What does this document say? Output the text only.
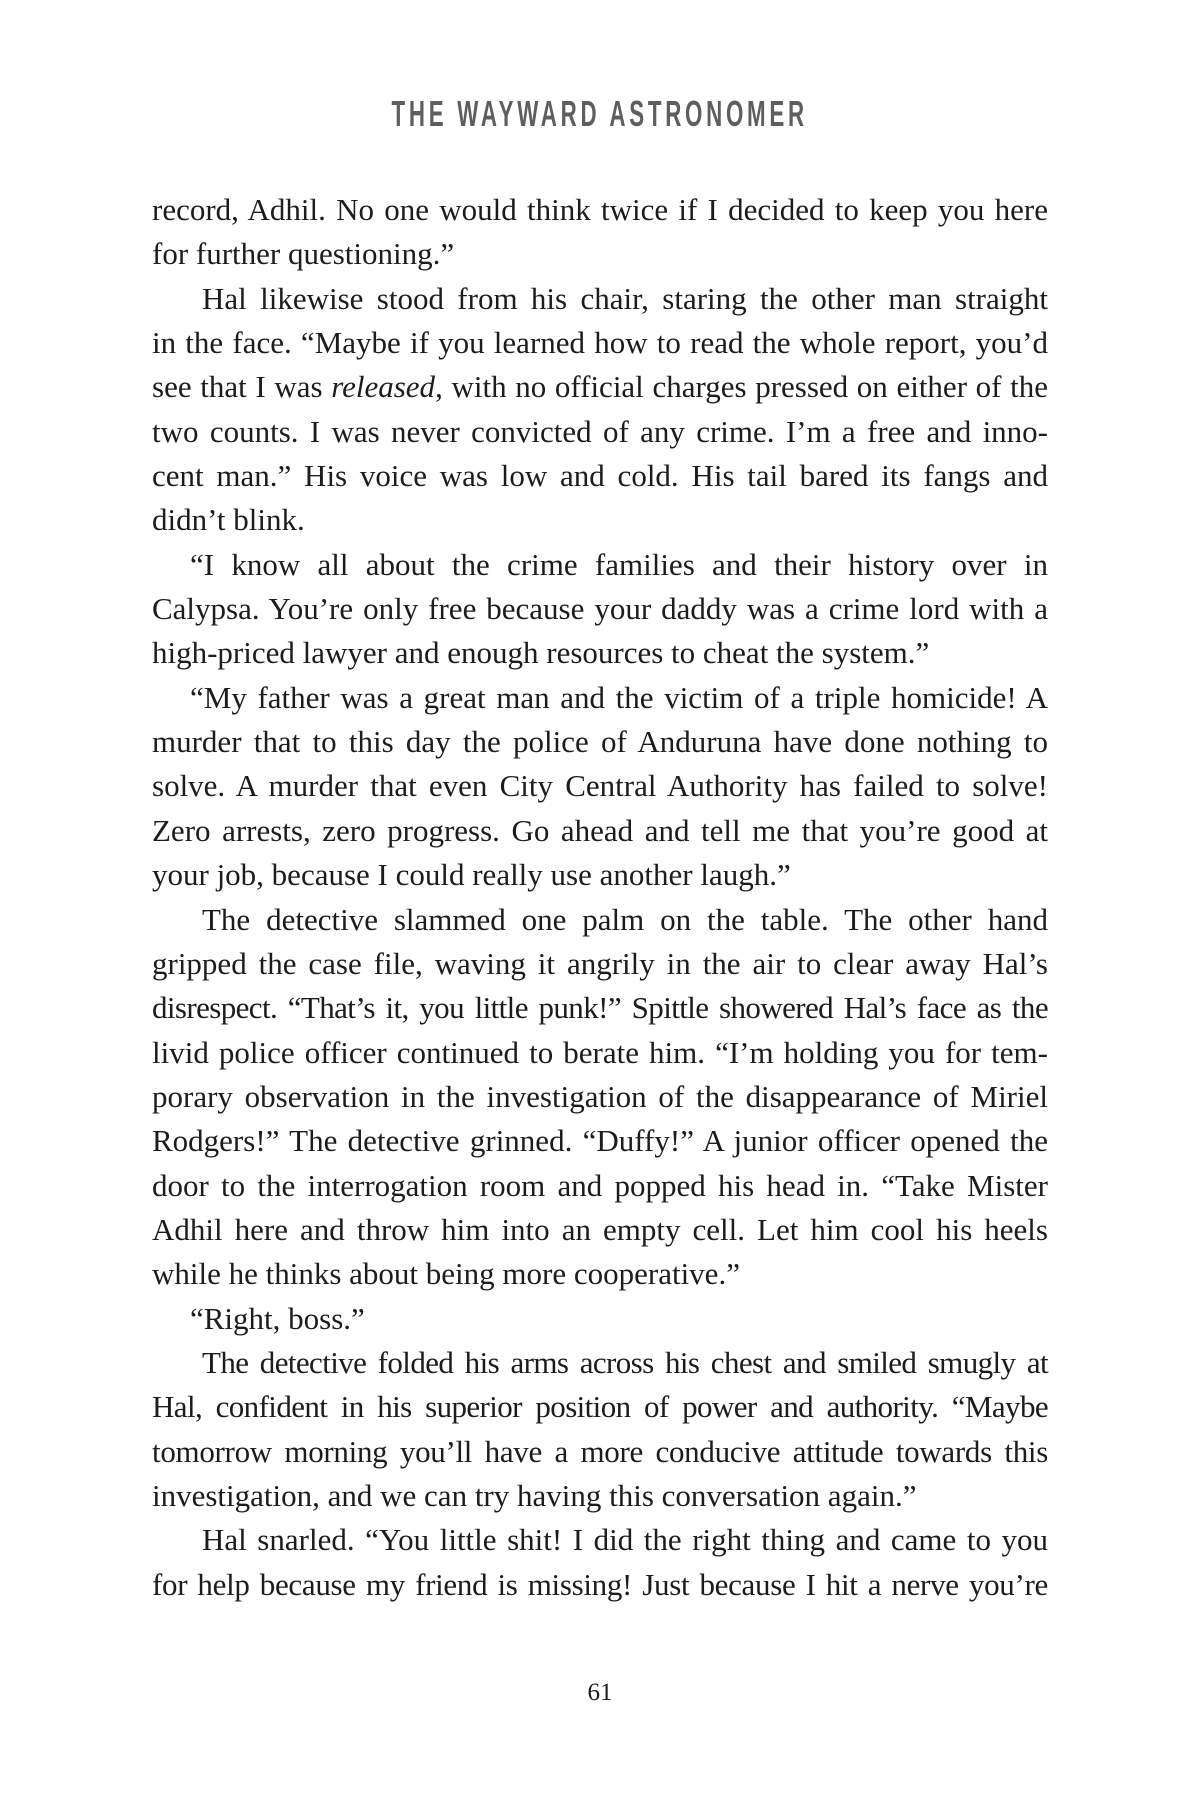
THE WAYWARD ASTRONOMER
record, Adhil. No one would think twice if I decided to keep you here
for further questioning.”
Hal likewise stood from his chair, staring the other man straight
in the face. “Maybe if you learned how to read the whole report, you’d
see that I was released, with no official charges pressed on either of the
two counts. I was never convicted of any crime. I’m a free and inno-
cent man.” His voice was low and cold. His tail bared its fangs and
didn’t blink.
“I know all about the crime families and their history over in
Calypsa. You’re only free because your daddy was a crime lord with a
high-priced lawyer and enough resources to cheat the system.”
“My father was a great man and the victim of a triple homicide! A
murder that to this day the police of Anduruna have done nothing to
solve. A murder that even City Central Authority has failed to solve!
Zero arrests, zero progress. Go ahead and tell me that you’re good at
your job, because I could really use another laugh.”
The detective slammed one palm on the table. The other hand
gripped the case file, waving it angrily in the air to clear away Hal’s
disrespect. “That’s it, you little punk!” Spittle showered Hal’s face as the
livid police officer continued to berate him. “I’m holding you for tem-
porary observation in the investigation of the disappearance of Miriel
Rodgers!” The detective grinned. “Duffy!” A junior officer opened the
door to the interrogation room and popped his head in. “Take Mister
Adhil here and throw him into an empty cell. Let him cool his heels
while he thinks about being more cooperative.”
“Right, boss.”
The detective folded his arms across his chest and smiled smugly at
Hal, confident in his superior position of power and authority. “Maybe
tomorrow morning you’ll have a more conducive attitude towards this
investigation, and we can try having this conversation again.”
Hal snarled. “You little shit! I did the right thing and came to you
for help because my friend is missing! Just because I hit a nerve you’re
61
